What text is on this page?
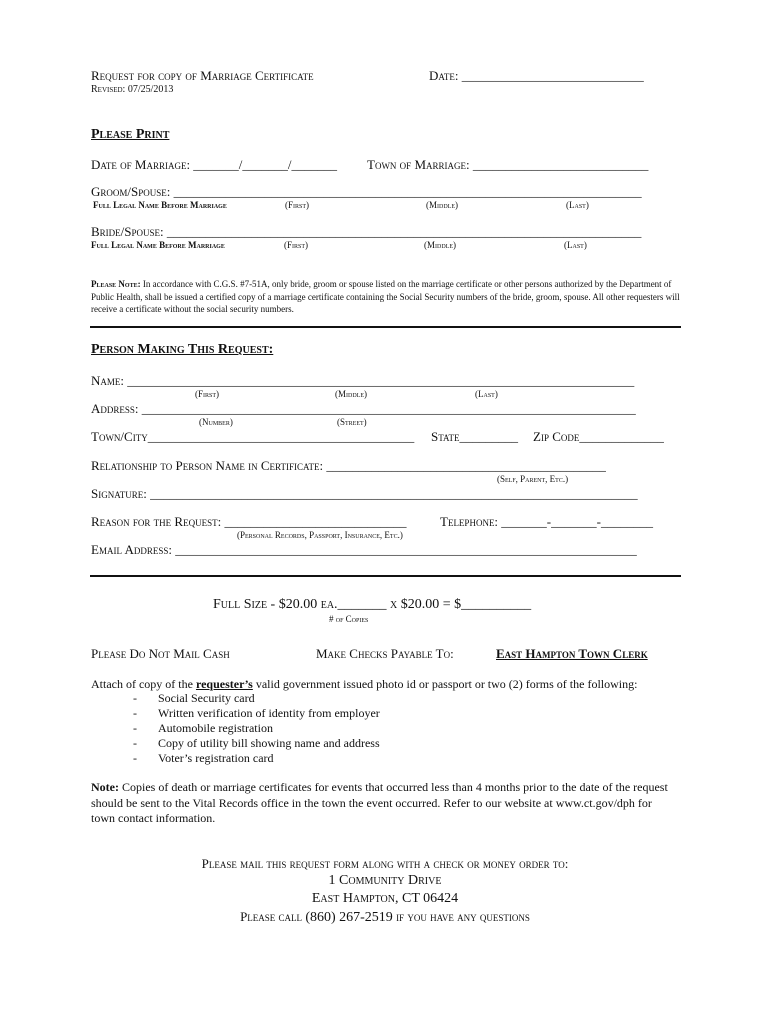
Request for copy of Marriage Certificate	Date: ____________________________
Revised: 07/25/2013
Please Print
Date of Marriage: _______/_______/_______ Town of Marriage: ___________________________
Groom/Spouse: ________________________________________________________________________
Full Legal Name Before Marriage	(First)	(Middle)	(Last)
Bride/Spouse: _________________________________________________________________________
Full Legal Name Before Marriage	(First)	(Middle)	(Last)
Please Note: In accordance with C.G.S. #7-51A, only bride, groom or spouse listed on the marriage certificate or other persons authorized by the Department of Public Health, shall be issued a certified copy of a marriage certificate containing the Social Security numbers of the bride, groom, spouse. All other requesters will receive a certificate without the social security numbers.
Person Making This Request:
Name: ______________________________________________________________________________
(First)	(Middle)	(Last)
Address: ____________________________________________________________________________
(Number)	(Street)
Town/City_________________________________________	State_________ Zip Code_____________
Relationship to Person Name in Certificate: ___________________________________________
(Self, Parent, Etc.)
Signature: ___________________________________________________________________________
Reason for the Request: ____________________________	Telephone: _______-_______-________
(Personal Records, Passport, Insurance, Etc.)
Email Address: _______________________________________________________________________
Full Size - $20.00 ea._______ x $20.00 = $__________
# of Copies
Please Do Not Mail Cash	Make Checks Payable To:	East Hampton Town Clerk
Attach of copy of the requester’s valid government issued photo id or passport or two (2) forms of the following:
- Social Security card
- Written verification of identity from employer
- Automobile registration
- Copy of utility bill showing name and address
- Voter’s registration card
Note: Copies of death or marriage certificates for events that occurred less than 4 months prior to the date of the request should be sent to the Vital Records office in the town the event occurred. Refer to our website at www.ct.gov/dph for town contact information.
Please mail this request form along with a check or money order to:
1 Community Drive
East Hampton, CT 06424
Please call (860) 267-2519 if you have any questions
